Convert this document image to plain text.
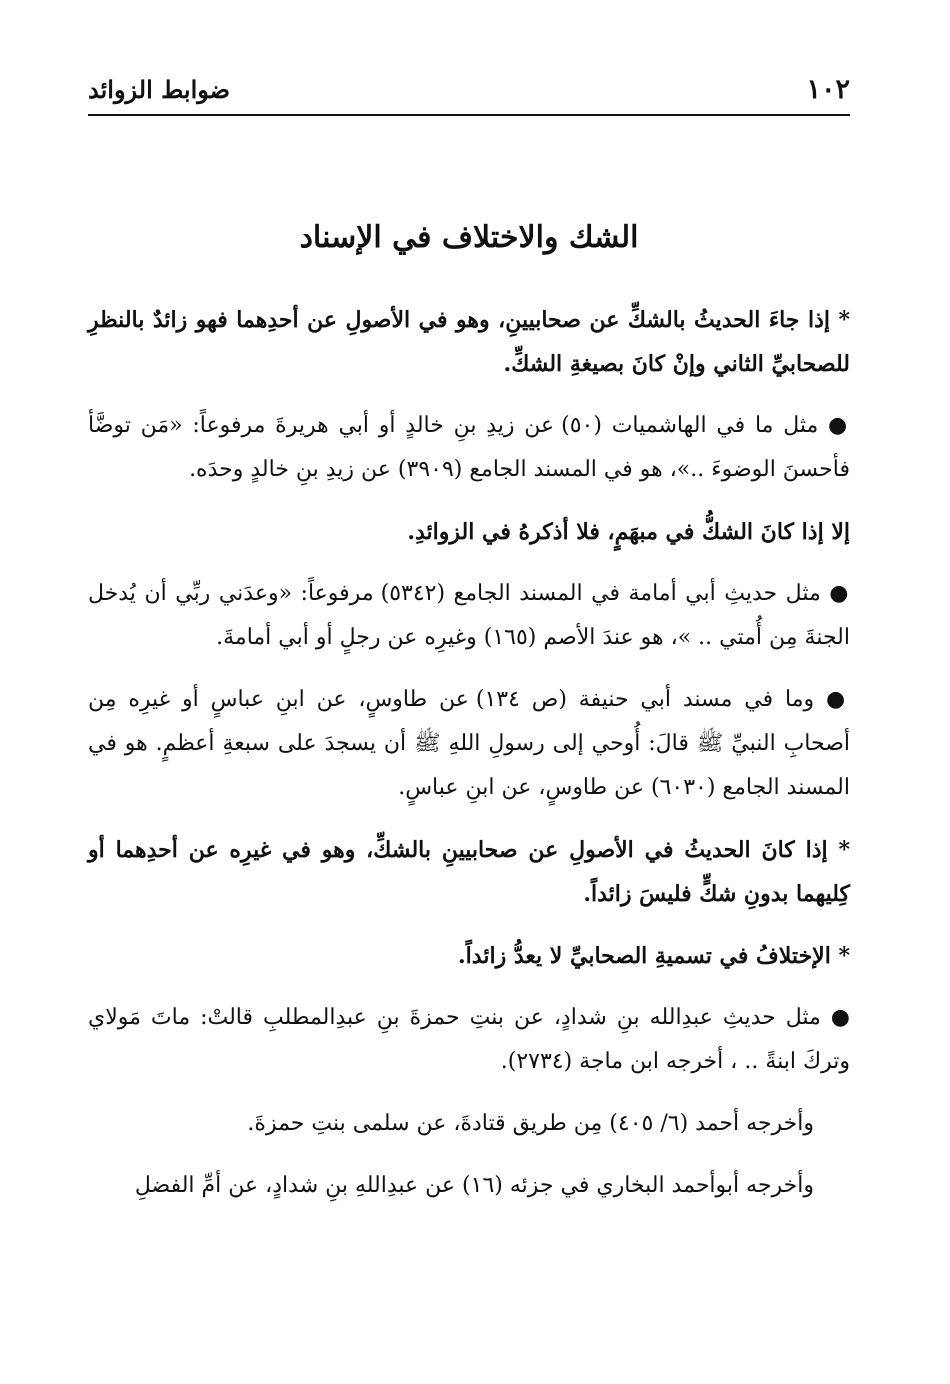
١٠٢
ضوابط الزوائد
الشك والاختلاف في الإسناد

* إذا جاءَ الحديثُ بالشكِّ عن صحابيينِ، وهو في الأصولِ عن أحدِهما فهو زائدٌ بالنظرِ للصحابيِّ الثاني وإنْ كانَ بصيغةِ الشكِّ.

● مثل ما في الهاشميات (٥٠) عن زيدِ بنِ خالدٍ أو أبي هريرةَ مرفوعاً: «مَن توضَّأ فأحسنَ الوضوءَ ..»، هو في المسند الجامع (٣٩٠٩) عن زيدِ بنِ خالدٍ وحدَه.

إلا إذا كانَ الشكُّ في مبهَمٍ، فلا أذكرهُ في الزوائدِ.

● مثل حديثِ أبي أمامة في المسند الجامع (٥٣٤٢) مرفوعاً: «وعدَني ربِّي أن يُدخل الجنةَ مِن أُمتي .. »، هو عندَ الأصم (١٦٥) وغيرِه عن رجلٍ أو أبي أمامةَ.

● وما في مسند أبي حنيفة (ص ١٣٤) عن طاوسٍ، عن ابنِ عباسٍ أو غيرِه مِن أصحابِ النبيِّ ﷺ قالَ: أُوحي إلى رسولِ اللهِ ﷺ أن يسجدَ على سبعةِ أعظمٍ. هو في المسند الجامع (٦٠٣٠) عن طاوسٍ، عن ابنِ عباسٍ.

* إذا كانَ الحديثُ في الأصولِ عن صحابيينِ بالشكِّ، وهو في غيرِه عن أحدِهما أو كِليهما بدونِ شكٍّ فليسَ زائداً.

* الإختلافُ في تسميةِ الصحابيِّ لا يعدُّ زائداً.

● مثل حديثِ عبدِالله بنِ شدادٍ، عن بنتِ حمزةَ بنِ عبدِالمطلبِ قالتْ: ماتَ مَولاي وتركَ ابنةً .. ، أخرجه ابن ماجة (٢٧٣٤).

وأخرجه أحمد (٦/ ٤٠٥) مِن طريق قتادةَ، عن سلمى بنتِ حمزةَ.

وأخرجه أبوأحمد البخاري في جزئه (١٦) عن عبدِاللهِ بنِ شدادٍ، عن أمِّ الفضلِ
